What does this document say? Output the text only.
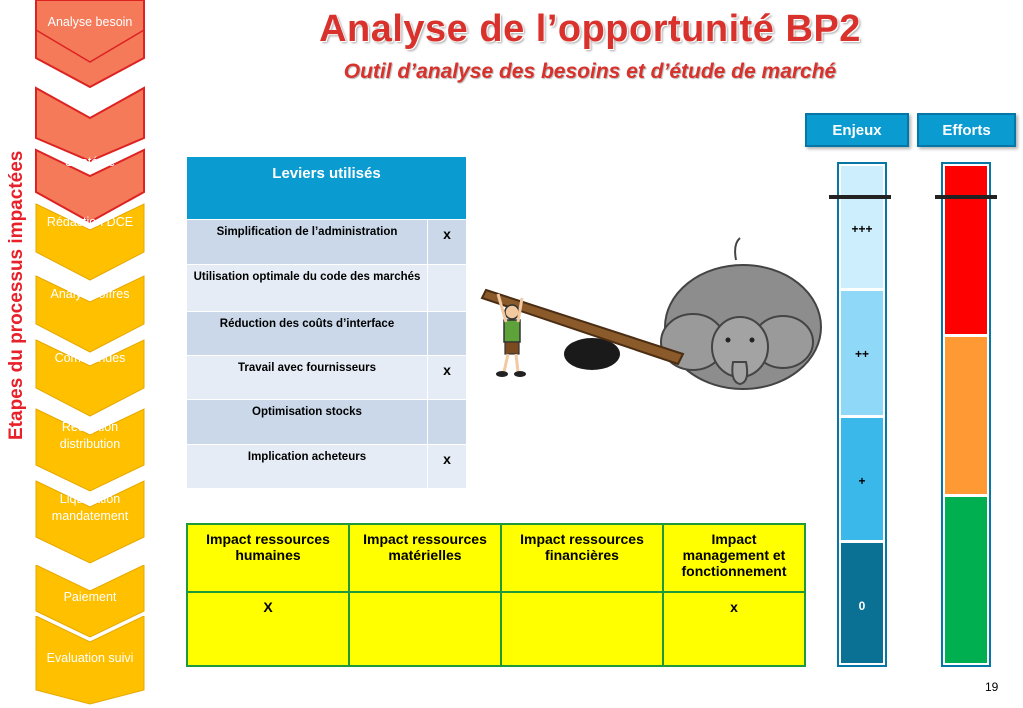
Analyse de l’opportunité BP2
Outil d’analyse des besoins et d’étude de marché
Analyse besoin
Sourcing
Stratégie
Rédaction DCE
Analyse offres
Commandes
Réception distribution
Liquidation mandatement
Paiement
Evaluation suivi
Etapes du processus impactées	Leviers utilisés	
Simplification de l’administration	x
Utilisation optimale du code des marchés	
Réduction des coûts d’interface	
Travail avec fournisseurs	x
Optimisation stocks	
Implication acheteurs	x
Impact ressources humaines	Impact ressources matérielles	Impact ressources financières	Impact management et fonctionnement
X			x
Enjeux	Efforts
+++
++
+
0
19
